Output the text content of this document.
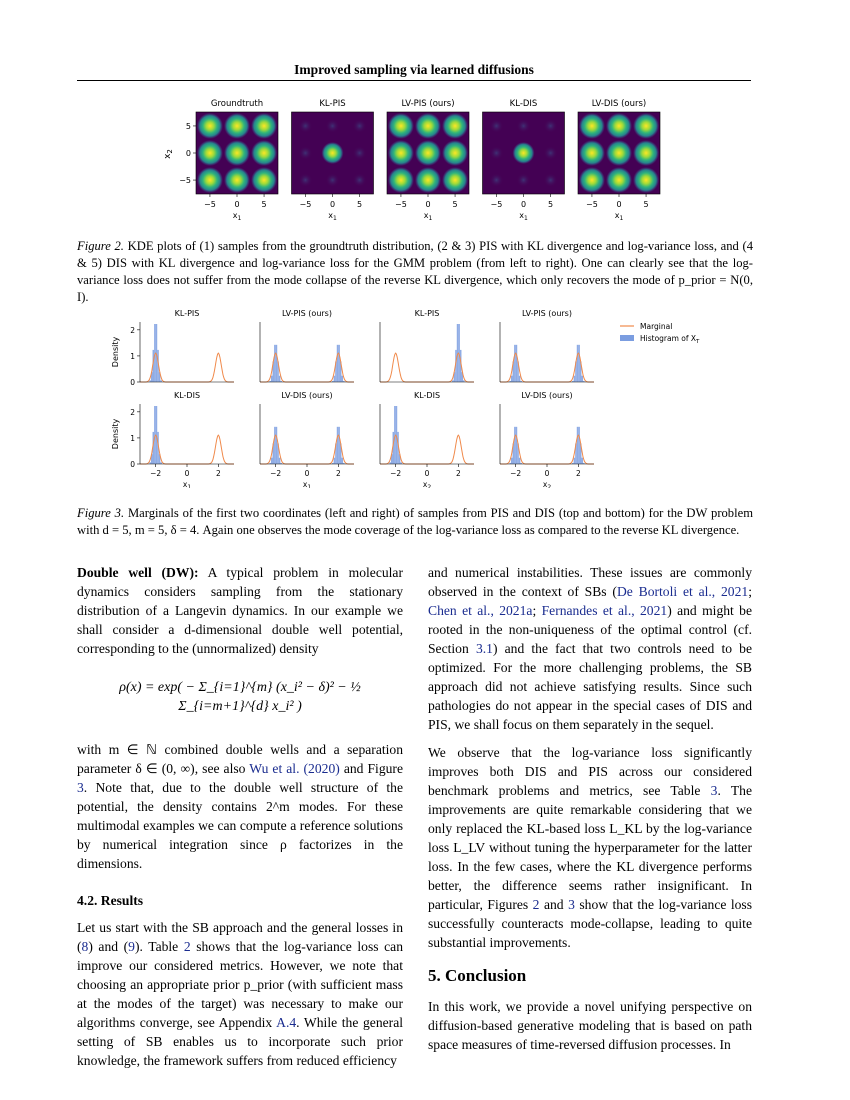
Improved sampling via learned diffusions
Groundtruth
−5 0	5
$x_1$
5
0
−5
KL-PIS
−5 0	5
$x_1$
LV-PIS (ours)
−5 0	5
$x_1$
KL-DIS
−5 0	5
$x_1$
LV-DIS (ours)
−5 0	5
$x_1$
$x_2$
Figure 2. KDE plots of (1) samples from the groundtruth distribution, (2 & 3) PIS with KL divergence and log-variance loss, and (4 & 5) DIS with KL divergence and log-variance loss for the GMM problem (from left to right). One can clearly see that the log-variance loss does not suffer from the mode collapse of the reverse KL divergence, which only recovers the mode of p_prior = N(0, I).
KL-PIS
0
1
2
Density
LV-PIS (ours)	KL-PIS	LV-PIS (ours)
KL-DIS
0
1
2
Density
−2	0	2
$x_1$
LV-DIS (ours)
−2	0	2
$x_1$
KL-DIS
−2	0	2
$x_2$
LV-DIS (ours)
−2	0	2
$x_2$
Marginal
Histogram of $X_T$
Figure 3. Marginals of the first two coordinates (left and right) of samples from PIS and DIS (top and bottom) for the DW problem with d = 5, m = 5, δ = 4. Again one observes the mode coverage of the log-variance loss as compared to the reverse KL divergence.

Double well (DW): A typical problem in molecular dynamics considers sampling from the stationary distribution of a Langevin dynamics. In our example we shall consider a d-dimensional double well potential, corresponding to the (unnormalized) density

ρ(x) = exp( − Σ_{i=1}^{m} (x_i² − δ)² − ½ Σ_{i=m+1}^{d} x_i² )

with m ∈ ℕ combined double wells and a separation parameter δ ∈ (0, ∞), see also Wu et al. (2020) and Figure 3. Note that, due to the double well structure of the potential, the density contains 2^m modes. For these multimodal examples we can compute a reference solutions by numerical integration since ρ factorizes in the dimensions.

4.2. Results

Let us start with the SB approach and the general losses in (8) and (9). Table 2 shows that the log-variance loss can improve our considered metrics. However, we note that choosing an appropriate prior p_prior (with sufficient mass at the modes of the target) was necessary to make our algorithms converge, see Appendix A.4. While the general setting of SB enables us to incorporate such prior knowledge, the framework suffers from reduced efficiency

and numerical instabilities. These issues are commonly observed in the context of SBs (De Bortoli et al., 2021; Chen et al., 2021a; Fernandes et al., 2021) and might be rooted in the non-uniqueness of the optimal control (cf. Section 3.1) and the fact that two controls need to be optimized. For the more challenging problems, the SB approach did not achieve satisfying results. Since such pathologies do not appear in the special cases of DIS and PIS, we shall focus on them separately in the sequel.

We observe that the log-variance loss significantly improves both DIS and PIS across our considered benchmark problems and metrics, see Table 3. The improvements are quite remarkable considering that we only replaced the KL-based loss L_KL by the log-variance loss L_LV without tuning the hyperparameter for the latter loss. In the few cases, where the KL divergence performs better, the difference seems rather insignificant. In particular, Figures 2 and 3 show that the log-variance loss successfully counteracts mode-collapse, leading to quite substantial improvements.

5. Conclusion

In this work, we provide a novel unifying perspective on diffusion-based generative modeling that is based on path space measures of time-reversed diffusion processes. In
